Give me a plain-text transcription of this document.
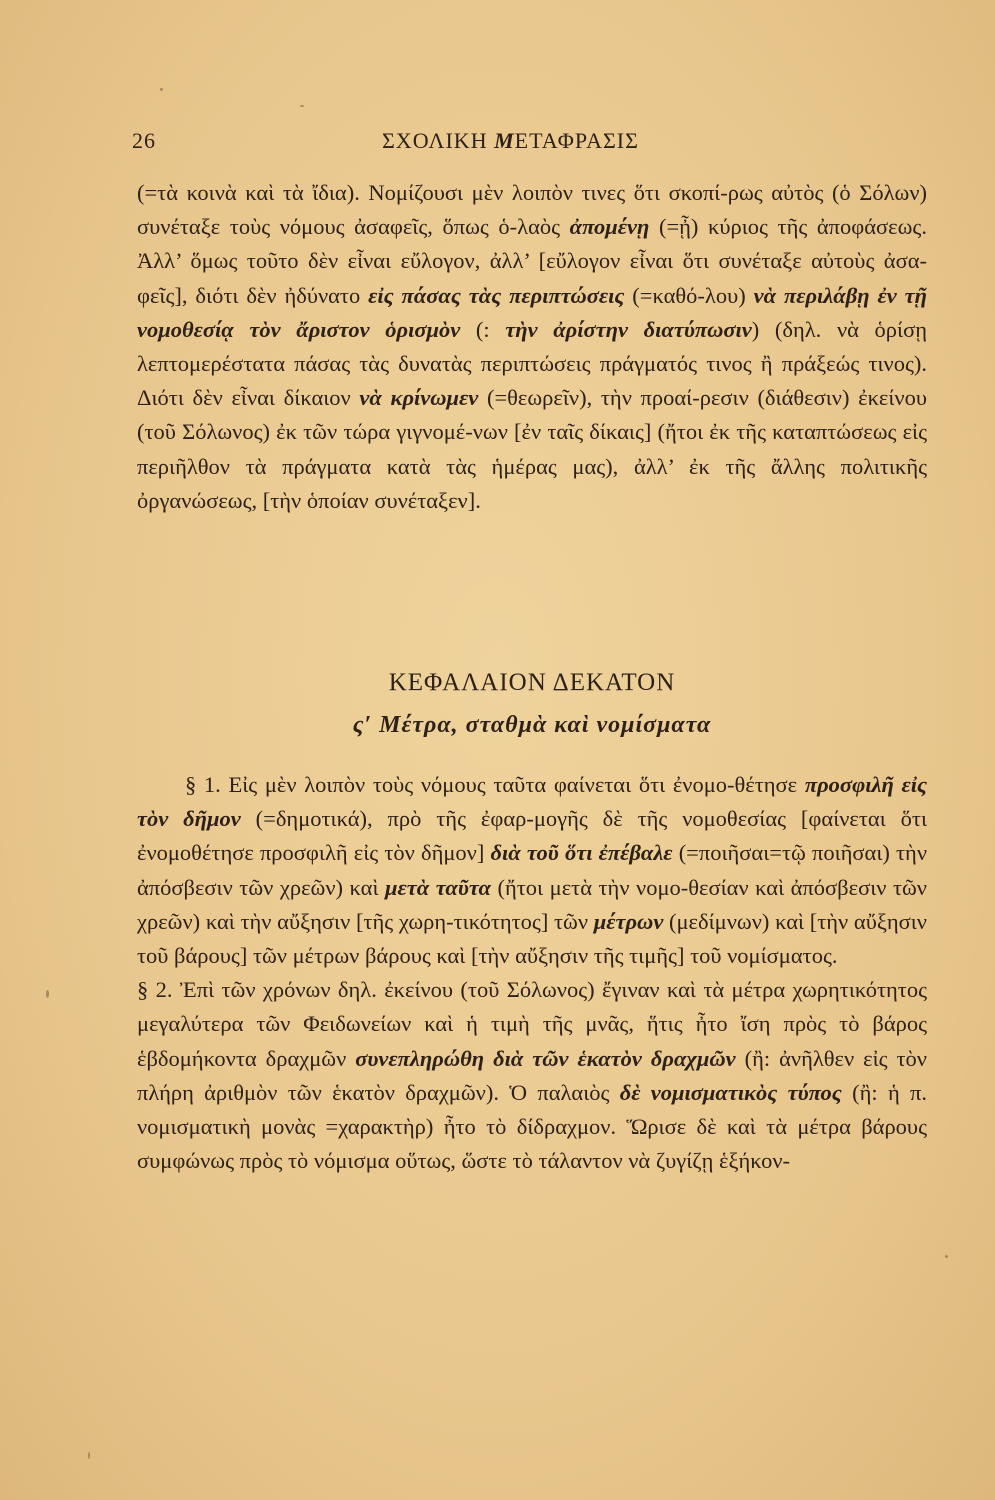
26	ΣΧΟΛΙΚΗ ΜΕΤΑΦΡΑΣΙΣ

(=τὰ κοινὰ καὶ τὰ ἴδια). Νομίζουσι μὲν λοιπὸν τινες ὅτι σκοπί-ρως αὐτὸς (ὁ Σόλων) συνέταξε τοὺς νόμους ἀσαφεῖς, ὅπως ὁ-λαὸς ἀπομένῃ (=ᾖ) κύριος τῆς ἀποφάσεως. Ἀλλ’ ὅμως τοῦτο δὲν εἶναι εὔλογον, ἀλλ’ [εὔλογον εἶναι ὅτι συνέταξε αὐτοὺς ἀσα-φεῖς], διότι δὲν ἠδύνατο εἰς πάσας τὰς περιπτώσεις (=καθό-λου) νὰ περιλάβῃ ἐν τῇ νομοθεσίᾳ τὸν ἄριστον ὁρισμὸν (: τὴν ἀρίστην διατύπωσιν) (δηλ. νὰ ὁρίσῃ λεπτομερέστατα πάσας τὰς δυνατὰς περιπτώσεις πράγματός τινος ἢ πράξεώς τινος). Διότι δὲν εἶναι δίκαιον νὰ κρίνωμεν (=θεωρεῖν), τὴν προαί-ρεσιν (διάθεσιν) ἐκείνου (τοῦ Σόλωνος) ἐκ τῶν τώρα γιγνομέ-νων [ἐν ταῖς δίκαις] (ἤτοι ἐκ τῆς καταπτώσεως εἰς περιῆλθον τὰ πράγματα κατὰ τὰς ἡμέρας μας), ἀλλ’ ἐκ τῆς ἄλλης πολιτικῆς ὀργανώσεως, [τὴν ὁποίαν συνέταξεν].

ΚΕΦΑΛΑΙΟΝ ΔΕΚΑΤΟΝ
ς′ Μέτρα, σταθμὰ καὶ νομίσματα

§ 1. Εἰς μὲν λοιπὸν τοὺς νόμους ταῦτα φαίνεται ὅτι ἐνομο-θέτησε προσφιλῆ εἰς τὸν δῆμον (=δημοτικά), πρὸ τῆς ἐφαρ-μογῆς δὲ τῆς νομοθεσίας [φαίνεται ὅτι ἐνομοθέτησε προσφιλῆ εἰς τὸν δῆμον] διὰ τοῦ ὅτι ἐπέβαλε (=ποιῆσαι=τῷ ποιῆσαι) τὴν ἀπόσβεσιν τῶν χρεῶν) καὶ μετὰ ταῦτα (ἤτοι μετὰ τὴν νομο-θεσίαν καὶ ἀπόσβεσιν τῶν χρεῶν) καὶ τὴν αὔξησιν [τῆς χωρη-τικότητος] τῶν μέτρων (μεδίμνων) καὶ [τὴν αὔξησιν τοῦ βάρους] τῶν μέτρων βάρους καὶ [τὴν αὔξησιν τῆς τιμῆς] τοῦ νομίσματος.

§ 2. Ἐπὶ τῶν χρόνων δηλ. ἐκείνου (τοῦ Σόλωνος) ἔγιναν καὶ τὰ μέτρα χωρητικότητος μεγαλύτερα τῶν Φειδωνείων καὶ ἡ τιμὴ τῆς μνᾶς, ἥτις ἦτο ἴση πρὸς τὸ βάρος ἑβδομήκοντα δραχμῶν συνεπληρώθη διὰ τῶν ἑκατὸν δραχμῶν (ἢ: ἀνῆλθεν εἰς τὸν πλήρη ἀριθμὸν τῶν ἑκατὸν δραχμῶν). Ὁ παλαιὸς δὲ νομισματικὸς τύπος (ἢ: ἡ π. νομισματικὴ μονὰς =χαρακτὴρ) ἦτο τὸ δίδραχμον. Ὥρισε δὲ καὶ τὰ μέτρα βάρους συμφώνως πρὸς τὸ νόμισμα οὕτως, ὥστε τὸ τάλαντον νὰ ζυγίζῃ ἑξήκον-
